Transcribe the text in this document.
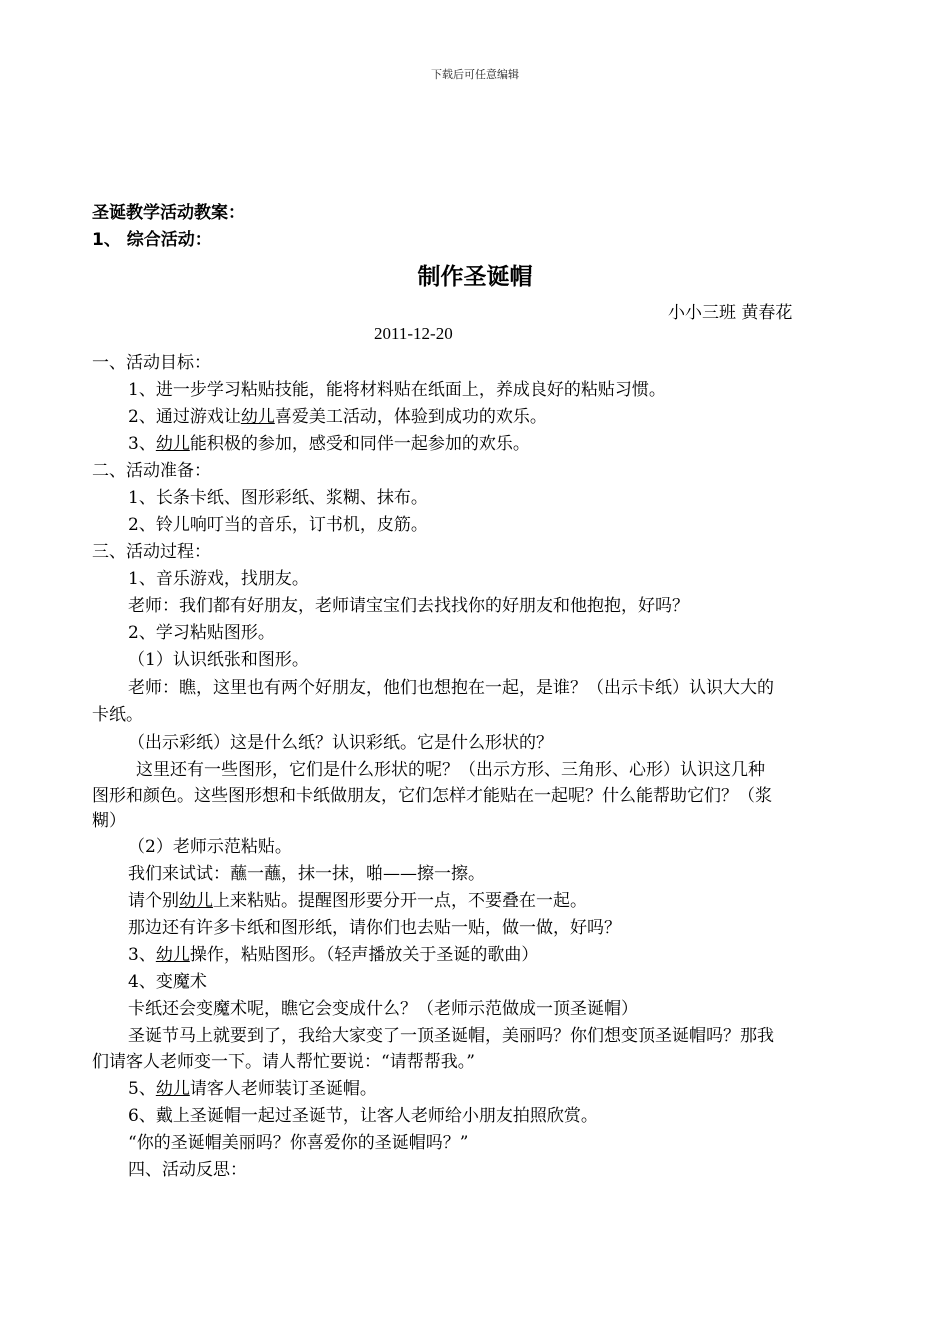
下载后可任意编辑
圣诞教学活动教案：
1、 综合活动：
制作圣诞帽
小小三班 黄春花
2011-12-20
一、活动目标：
1、进一步学习粘贴技能，能将材料贴在纸面上，养成良好的粘贴习惯。
2、通过游戏让幼儿喜爱美工活动，体验到成功的欢乐。
3、幼儿能积极的参加，感受和同伴一起参加的欢乐。
二、活动准备：
1、长条卡纸、图形彩纸、浆糊、抹布。
2、铃儿响叮当的音乐，订书机，皮筋。
三、活动过程：
1、音乐游戏，找朋友。
老师：我们都有好朋友，老师请宝宝们去找找你的好朋友和他抱抱，好吗？
2、学习粘贴图形。
（1）认识纸张和图形。
老师：瞧，这里也有两个好朋友，他们也想抱在一起，是谁？（出示卡纸）认识大大的
卡纸。
（出示彩纸）这是什么纸？认识彩纸。它是什么形状的？
这里还有一些图形，它们是什么形状的呢？（出示方形、三角形、心形）认识这几种
图形和颜色。这些图形想和卡纸做朋友，它们怎样才能贴在一起呢？什么能帮助它们？（浆
糊）
（2）老师示范粘贴。
我们来试试：蘸一蘸，抹一抹，啪——擦一擦。
请个别幼儿上来粘贴。提醒图形要分开一点，不要叠在一起。
那边还有许多卡纸和图形纸，请你们也去贴一贴，做一做，好吗？
3、幼儿操作，粘贴图形。（轻声播放关于圣诞的歌曲）
4、变魔术
卡纸还会变魔术呢，瞧它会变成什么？（老师示范做成一顶圣诞帽）
圣诞节马上就要到了，我给大家变了一顶圣诞帽，美丽吗？你们想变顶圣诞帽吗？那我
们请客人老师变一下。请人帮忙要说：“请帮帮我。”
5、幼儿请客人老师装订圣诞帽。
6、戴上圣诞帽一起过圣诞节，让客人老师给小朋友拍照欣赏。
“你的圣诞帽美丽吗？你喜爱你的圣诞帽吗？”
四、活动反思：
